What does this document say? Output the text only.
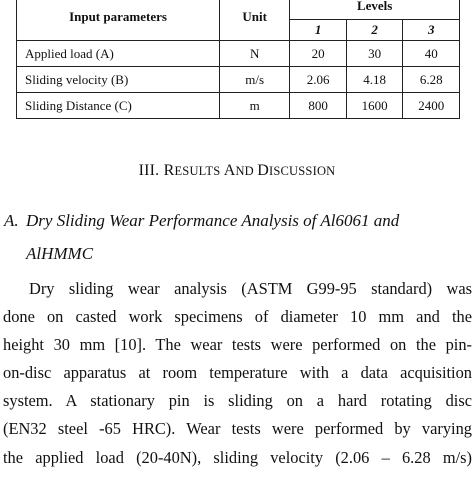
Input parameters	Unit	Levels		
		1	2	3
Applied load (A)	N	20	30	40
Sliding velocity (B)	m/s	2.06	4.18	6.28
Sliding Distance (C)	m	800	1600	2400
III. RESULTS AND DISCUSSION
A. Dry Sliding Wear Performance Analysis of Al6061 and
AlHMMC
Dry sliding wear analysis (ASTM G99-95 standard) was
done on casted work specimens of diameter 10 mm and the
height 30 mm [10]. The wear tests were performed on the pin-
on-disc apparatus at room temperature with a data acquisition
system. A stationary pin is sliding on a hard rotating disc
(EN32 steel -65 HRC). Wear tests were performed by varying
the applied load (20-40N), sliding velocity (2.06 – 6.28 m/s)
